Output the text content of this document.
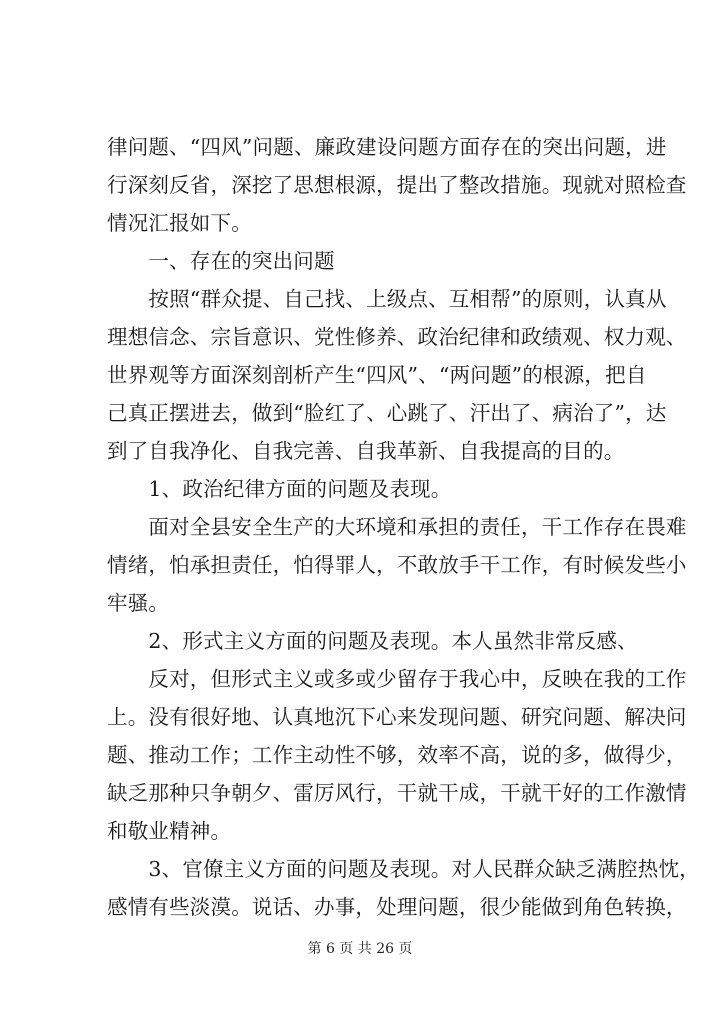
律问题、“四风”问题、廉政建设问题方面存在的突出问题，进
行深刻反省，深挖了思想根源，提出了整改措施。现就对照检查
情况汇报如下。
　　一、存在的突出问题
　　按照“群众提、自己找、上级点、互相帮”的原则，认真从
理想信念、宗旨意识、党性修养、政治纪律和政绩观、权力观、
世界观等方面深刻剖析产生“四风”、“两问题”的根源，把自
己真正摆进去，做到“脸红了、心跳了、汗出了、病治了”，达
到了自我净化、自我完善、自我革新、自我提高的目的。
　　1、政治纪律方面的问题及表现。
　　面对全县安全生产的大环境和承担的责任，干工作存在畏难
情绪，怕承担责任，怕得罪人，不敢放手干工作，有时候发些小
牢骚。
　　2、形式主义方面的问题及表现。本人虽然非常反感、
　　反对，但形式主义或多或少留存于我心中，反映在我的工作
上。没有很好地、认真地沉下心来发现问题、研究问题、解决问
题、推动工作；工作主动性不够，效率不高，说的多，做得少，
缺乏那种只争朝夕、雷厉风行，干就干成，干就干好的工作激情
和敬业精神。
　　3、官僚主义方面的问题及表现。对人民群众缺乏满腔热忱，
感情有些淡漠。说话、办事，处理问题，很少能做到角色转换，
第 6 页 共 26 页
